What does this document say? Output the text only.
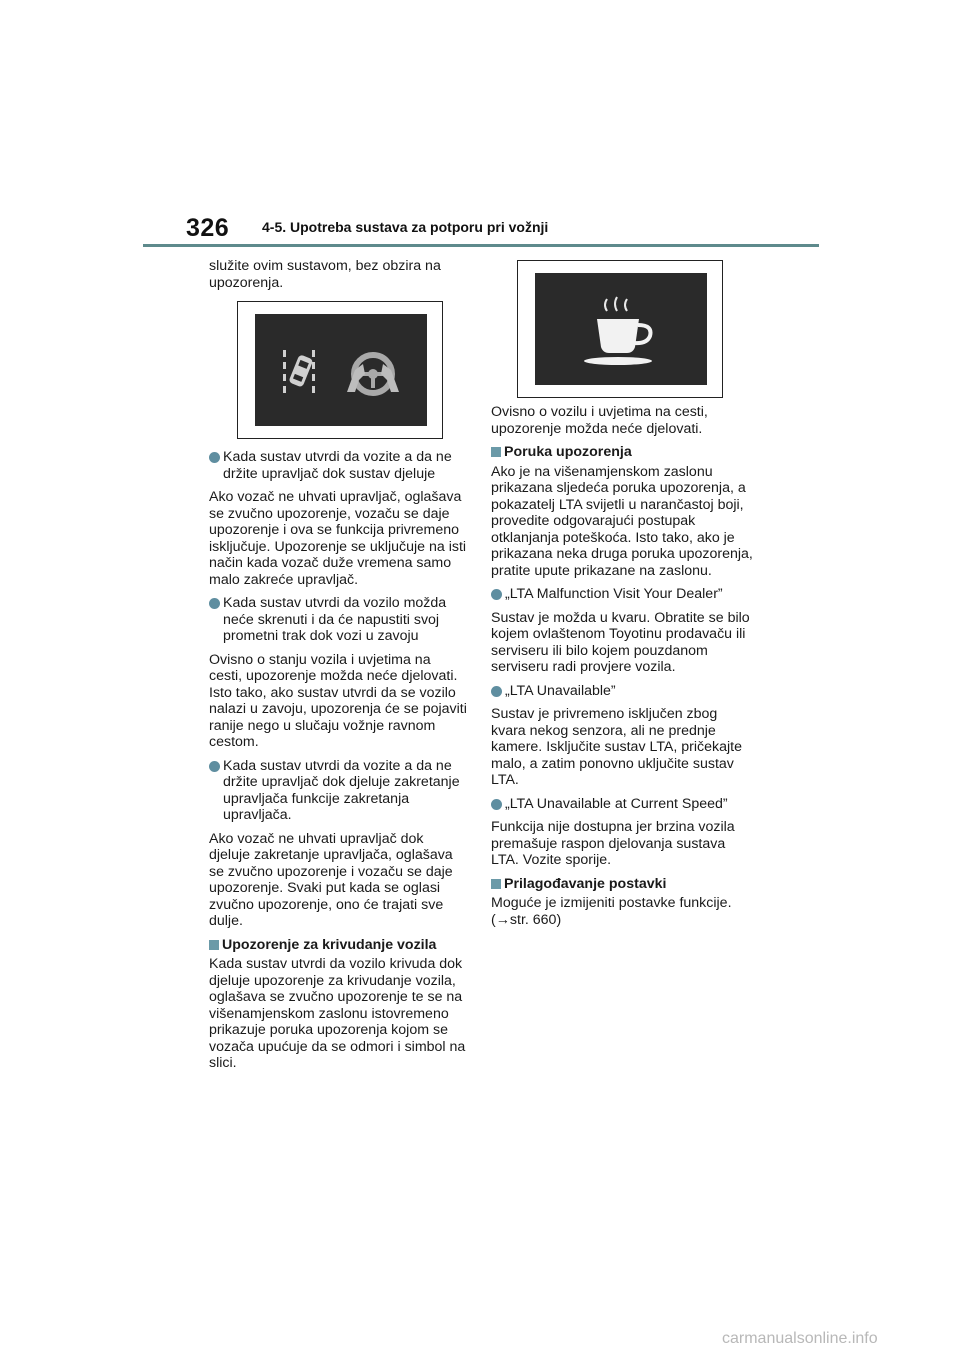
326 4-5. Upotreba sustava za potporu pri vožnji

služite ovim sustavom, bez obzira na upozorenja.

Kada sustav utvrdi da vozite a da ne držite upravljač dok sustav djeluje

Ako vozač ne uhvati upravljač, oglašava se zvučno upozorenje, vozaču se daje upozorenje i ova se funkcija privremeno isključuje. Upozorenje se uključuje na isti način kada vozač duže vremena samo malo zakreće upravljač.

Kada sustav utvrdi da vozilo možda neće skrenuti i da će napustiti svoj prometni trak dok vozi u zavoju

Ovisno o stanju vozila i uvjetima na cesti, upozorenje možda neće djelovati. Isto tako, ako sustav utvrdi da se vozilo nalazi u zavoju, upozorenja će se pojaviti ranije nego u slučaju vožnje ravnom cestom.

Kada sustav utvrdi da vozite a da ne držite upravljač dok djeluje zakretanje upravljača funkcije zakretanja upravljača.

Ako vozač ne uhvati upravljač dok djeluje zakretanje upravljača, oglašava se zvučno upozorenje i vozaču se daje upozorenje. Svaki put kada se oglasi zvučno upozorenje, ono će trajati sve dulje.

Upozorenje za krivudanje vozila

Kada sustav utvrdi da vozilo krivuda dok djeluje upozorenje za krivudanje vozila, oglašava se zvučno upozorenje te se na višenamjenskom zaslonu istovremeno prikazuje poruka upozorenja kojom se vozača upućuje da se odmori i simbol na slici.

Ovisno o vozilu i uvjetima na cesti, upozorenje možda neće djelovati.

Poruka upozorenja

Ako je na višenamjenskom zaslonu prikazana sljedeća poruka upozorenja, a pokazatelj LTA svijetli u narančastoj boji, provedite odgovarajući postupak otklanjanja poteškoća. Isto tako, ako je prikazana neka druga poruka upozorenja, pratite upute prikazane na zaslonu.

„LTA Malfunction Visit Your Dealer”

Sustav je možda u kvaru. Obratite se bilo kojem ovlaštenom Toyotinu prodavaču ili serviseru ili bilo kojem pouzdanom serviseru radi provjere vozila.

„LTA Unavailable”

Sustav je privremeno isključen zbog kvara nekog senzora, ali ne prednje kamere. Isključite sustav LTA, pričekajte malo, a zatim ponovno uključite sustav LTA.

„LTA Unavailable at Current Speed”

Funkcija nije dostupna jer brzina vozila premašuje raspon djelovanja sustava LTA. Vozite sporije.

Prilagođavanje postavki

Moguće je izmijeniti postavke funkcije.

(→str. 660)

carmanualsonline.info
